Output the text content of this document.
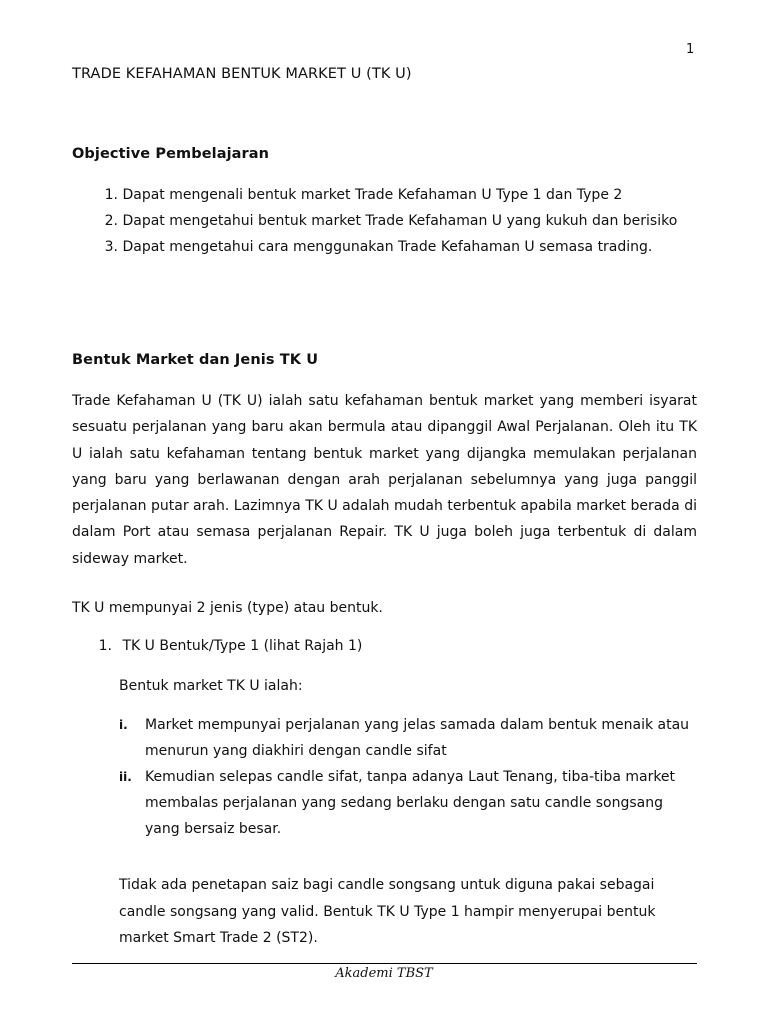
1
TRADE KEFAHAMAN BENTUK MARKET U (TK U)
Objective Pembelajaran
1. Dapat mengenali bentuk market Trade Kefahaman U Type 1 dan Type 2
2. Dapat mengetahui bentuk market Trade Kefahaman U yang kukuh dan berisiko
3. Dapat mengetahui cara menggunakan Trade Kefahaman U semasa trading.
Bentuk Market dan Jenis TK U

Trade Kefahaman U (TK U) ialah satu kefahaman bentuk market yang memberi isyarat sesuatu perjalanan yang baru akan bermula atau dipanggil Awal Perjalanan. Oleh itu TK U ialah satu kefahaman tentang bentuk market yang dijangka memulakan perjalanan yang baru yang berlawanan dengan arah perjalanan sebelumnya yang juga panggil perjalanan putar arah. Lazimnya TK U adalah mudah terbentuk apabila market berada di dalam Port atau semasa perjalanan Repair. TK U juga boleh juga terbentuk di dalam sideway market.

TK U mempunyai 2 jenis (type) atau bentuk.

1. TK U Bentuk/Type 1 (lihat Rajah 1)
Bentuk market TK U ialah:
i. Market mempunyai perjalanan yang jelas samada dalam bentuk menaik atau menurun yang diakhiri dengan candle sifat
ii. Kemudian selepas candle sifat, tanpa adanya Laut Tenang, tiba-tiba market membalas perjalanan yang sedang berlaku dengan satu candle songsang yang bersaiz besar.

Tidak ada penetapan saiz bagi candle songsang untuk diguna pakai sebagai candle songsang yang valid. Bentuk TK U Type 1 hampir menyerupai bentuk market Smart Trade 2 (ST2).

Akademi TBST
